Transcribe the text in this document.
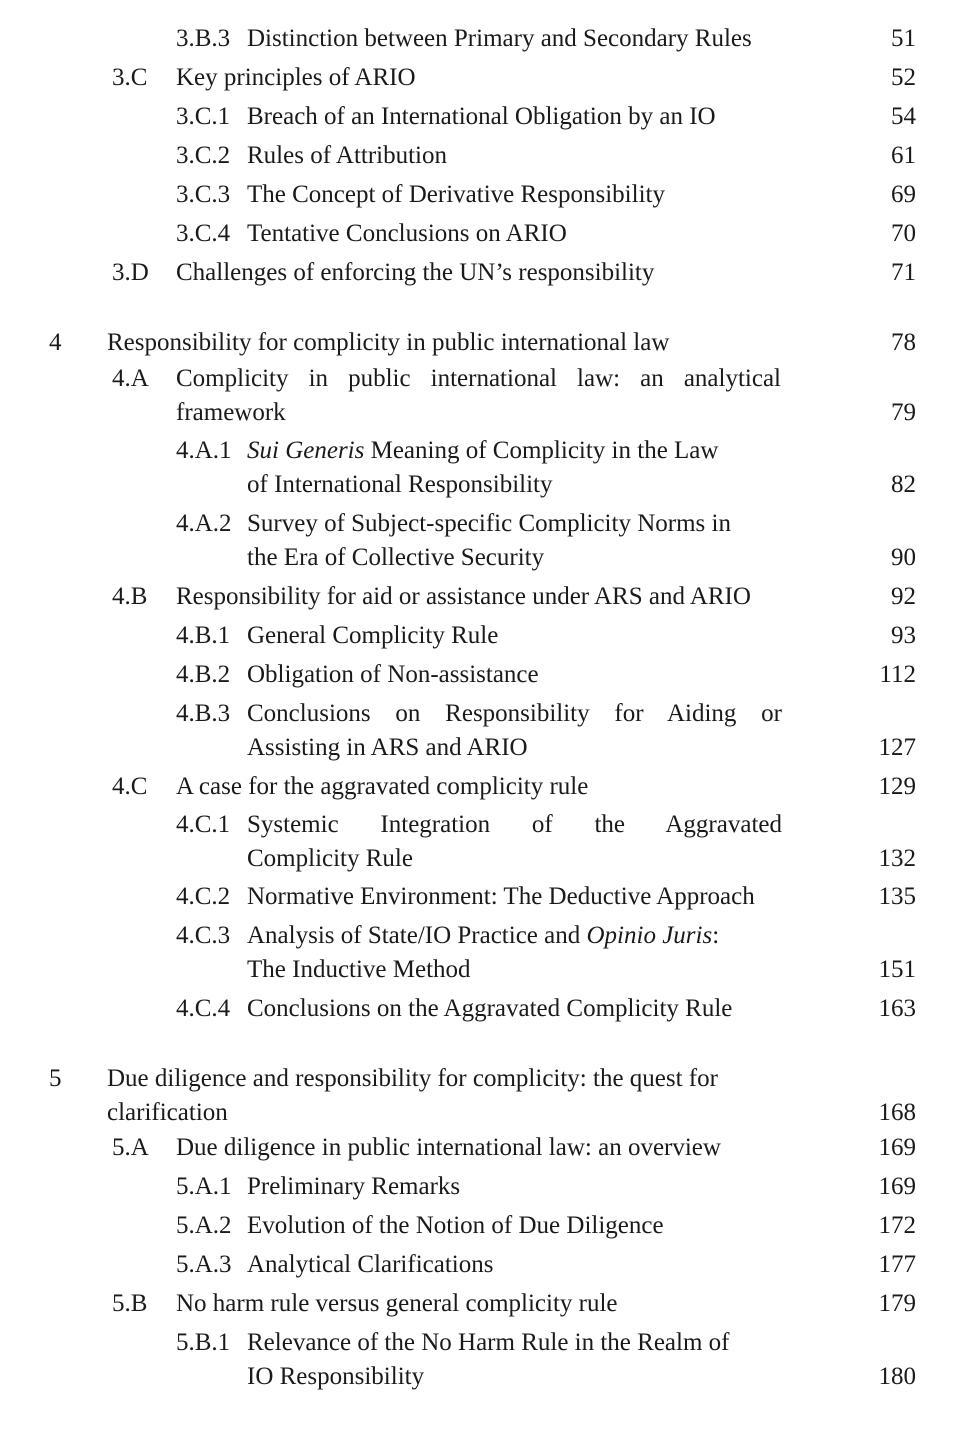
3.B.3 Distinction between Primary and Secondary Rules	51
3.C Key principles of ARIO	52
3.C.1 Breach of an International Obligation by an IO	54
3.C.2 Rules of Attribution	61
3.C.3 The Concept of Derivative Responsibility	69
3.C.4 Tentative Conclusions on ARIO	70
3.D Challenges of enforcing the UN’s responsibility	71
4 Responsibility for complicity in public international law	78
4.A Complicity in public international law: an analytical
framework	79
4.A.1 Sui Generis Meaning of Complicity in the Law
of International Responsibility	82
4.A.2 Survey of Subject-specific Complicity Norms in
the Era of Collective Security	90
4.B Responsibility for aid or assistance under ARS and ARIO	92
4.B.1 General Complicity Rule	93
4.B.2 Obligation of Non-assistance	112
4.B.3 Conclusions on Responsibility for Aiding or
Assisting in ARS and ARIO	127
4.C A case for the aggravated complicity rule	129
4.C.1 Systemic Integration of the Aggravated
Complicity Rule	132
4.C.2 Normative Environment: The Deductive Approach	135
4.C.3 Analysis of State/IO Practice and Opinio Juris:
The Inductive Method	151
4.C.4 Conclusions on the Aggravated Complicity Rule	163
5 Due diligence and responsibility for complicity: the quest for
clarification	168
5.A Due diligence in public international law: an overview	169
5.A.1 Preliminary Remarks	169
5.A.2 Evolution of the Notion of Due Diligence	172
5.A.3 Analytical Clarifications	177
5.B No harm rule versus general complicity rule	179
5.B.1 Relevance of the No Harm Rule in the Realm of
IO Responsibility	180
